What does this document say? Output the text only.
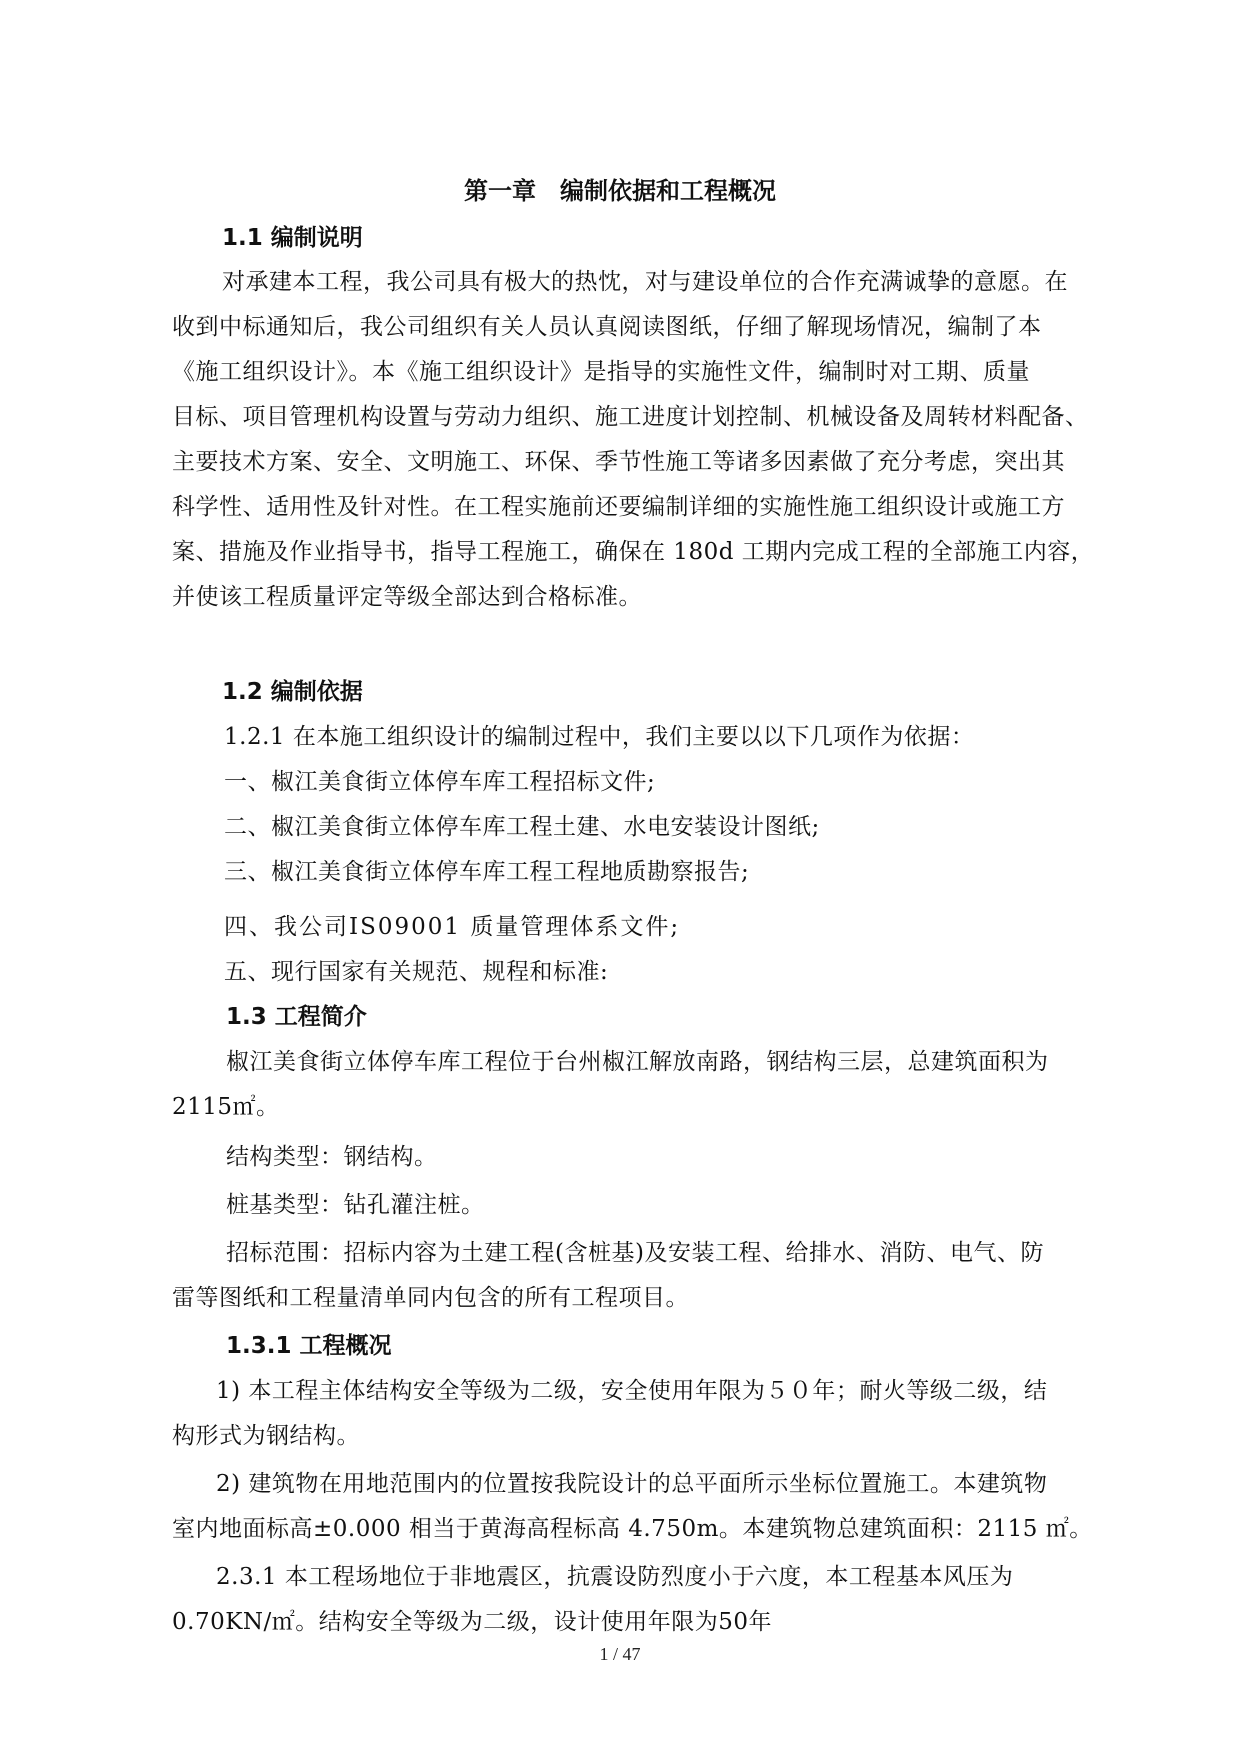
第一章　编制依据和工程概况
1.1 编制说明
对承建本工程，我公司具有极大的热忱，对与建设单位的合作充满诚挚的意愿。在
收到中标通知后，我公司组织有关人员认真阅读图纸，仔细了解现场情况，编制了本
《施工组织设计》。本《施工组织设计》是指导的实施性文件，编制时对工期、质量
目标、项目管理机构设置与劳动力组织、施工进度计划控制、机械设备及周转材料配备、
主要技术方案、安全、文明施工、环保、季节性施工等诸多因素做了充分考虑，突出其
科学性、适用性及针对性。在工程实施前还要编制详细的实施性施工组织设计或施工方
案、措施及作业指导书，指导工程施工，确保在 180d 工期内完成工程的全部施工内容，
并使该工程质量评定等级全部达到合格标准。
1.2 编制依据
1.2.1 在本施工组织设计的编制过程中，我们主要以以下几项作为依据：
一、椒江美食街立体停车库工程招标文件;
二、椒江美食街立体停车库工程土建、水电安装设计图纸;
三、椒江美食街立体停车库工程工程地质勘察报告;
四、我公司IS09001 质量管理体系文件;
五、现行国家有关规范、规程和标准:
1.3 工程简介
椒江美食街立体停车库工程位于台州椒江解放南路，钢结构三层，总建筑面积为
2115㎡。
结构类型：钢结构。
桩基类型：钻孔灌注桩。
招标范围：招标内容为土建工程(含桩基)及安装工程、给排水、消防、电气、防
雷等图纸和工程量清单同内包含的所有工程项目。
1.3.1 工程概况
1) 本工程主体结构安全等级为二级，安全使用年限为５０年；耐火等级二级，结
构形式为钢结构。
2) 建筑物在用地范围内的位置按我院设计的总平面所示坐标位置施工。本建筑物
室内地面标高±0.000 相当于黄海高程标高 4.750m。本建筑物总建筑面积：2115 ㎡。
2.3.1 本工程场地位于非地震区，抗震设防烈度小于六度，本工程基本风压为
0.70KN/㎡。结构安全等级为二级，设计使用年限为50年
1 / 47
